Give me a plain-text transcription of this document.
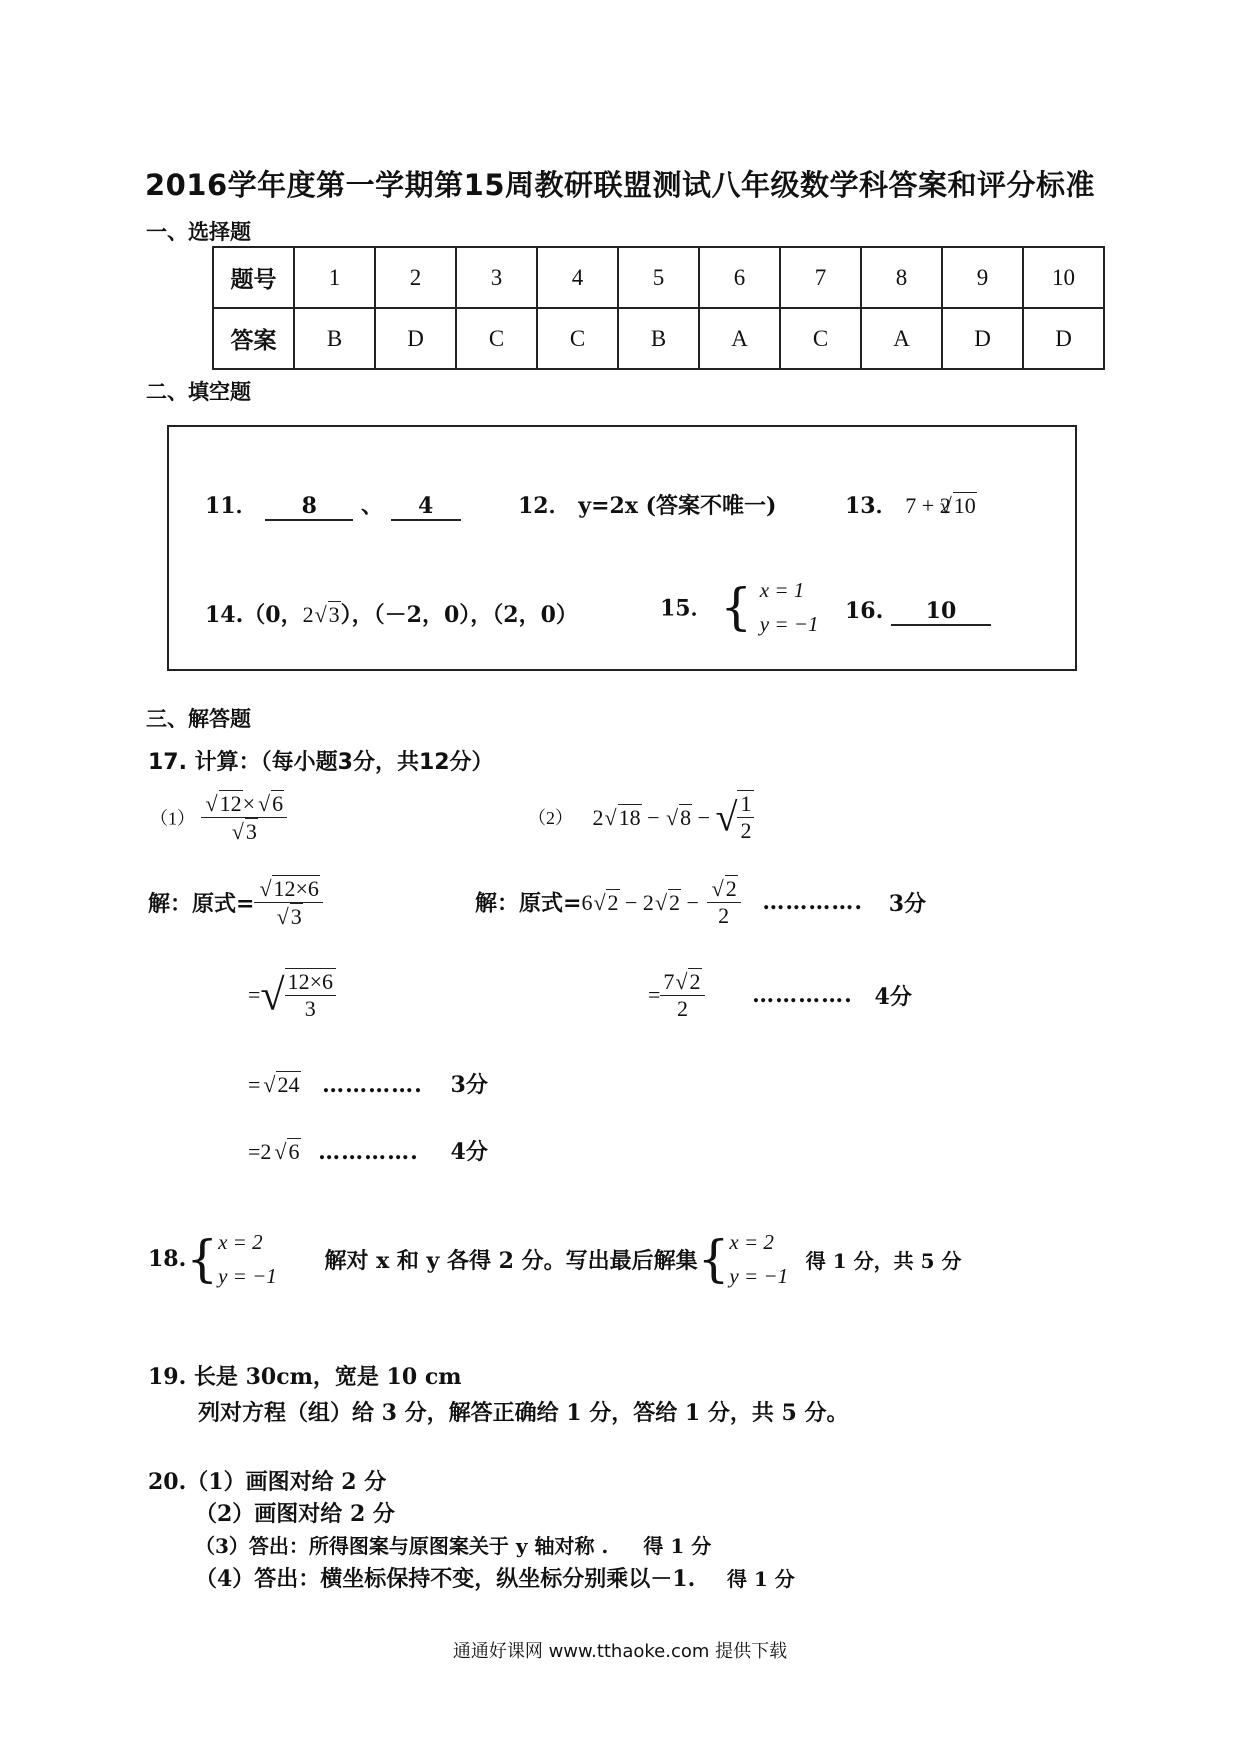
2016学年度第一学期第15周教研联盟测试八年级数学科答案和评分标准
一、选择题
题号	1	2	3	4	5	6	7	8	9	10
答案	B	D	C	C	B	A	C	A	D	D
二、填空题
11． 8 、 4	12． y=2x (答案不唯一)	13． 7 + 2 √ 10
14.（0，2 √ 3），（－2，0），（2，0）	15． { x = 1
y = −1 16. 10
三、解答题
17. 计算：（每小题3分，共12分）
（1） √ 12× √ 6
√ 3	（2） 2 √ 18 − √ 8 − √ $\frac{1}{2}$
解：原式= √ 12×6
√ 3	解：原式=6 √ 2 − 2 √ 2 − √ $\frac{2}{2}$ …………. 3分
=√ $\frac{12\times 6}{3}$	= $\frac{7 √ 2}{2}$ …………. 4分
= √ 24 …………. 3分
=2 √ 6 …………. 4分
18.{ x = 2
y = −1
解对 x 和 y 各得 2 分。写出最后解集{ x = 2
y = −1
得 1 分，共 5 分
19. 长是 30cm，宽是 10 cm
列对方程（组）给 3 分，解答正确给 1 分，答给 1 分，共 5 分。
20.（1）画图对给 2 分
（2）画图对给 2 分
（3）答出：所得图案与原图案关于 y 轴对称 . 得 1 分
（4）答出：横坐标保持不变，纵坐标分别乘以－1. 得 1 分
通通好课网 www.tthaoke.com 提供下载
